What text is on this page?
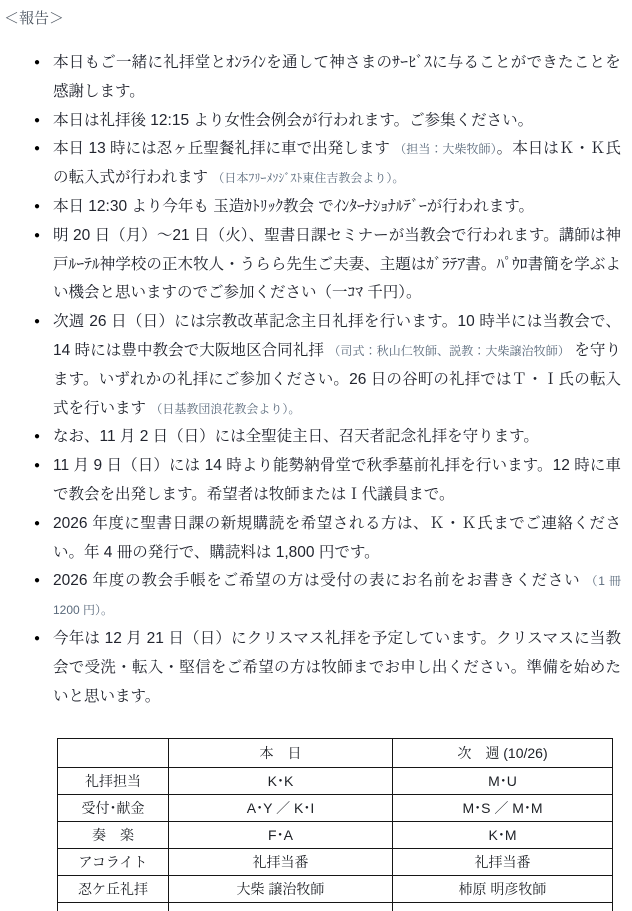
＜報告＞
● 本日もご一緒に礼拝堂とｵﾝﾗｲﾝを通して神さまのｻｰﾋﾞｽに与ることができたことを感謝します。
● 本日は礼拝後 12:15 より女性会例会が行われます。ご参集ください。
● 本日 13 時には忍ヶ丘聖餐礼拝に車で出発します （担当：大柴牧師）。本日はＫ・Ｋ氏の転入式が行われます （日本ﾌﾘｰﾒｿｼﾞｽﾄ東住吉教会より）。
● 本日 12:30 より今年も 玉造ｶﾄﾘｯｸ教会 でｲﾝﾀｰﾅｼｮﾅﾙﾃﾞｰが行われます。
● 明 20 日（月）～21 日（火）、聖書日課セミナーが当教会で行われます。講師は神戸ﾙｰﾃﾙ神学校の正木牧人・うらら先生ご夫妻、主題はｶﾞﾗﾃｱ書。ﾊﾟｳﾛ書簡を学ぶよい機会と思いますのでご参加ください（一ｺﾏ 千円）。
● 次週 26 日（日）には宗教改革記念主日礼拝を行います。10 時半には当教会で、14 時には豊中教会で大阪地区合同礼拝 （司式：秋山仁牧師、説教：大柴譲治牧師） を守ります。いずれかの礼拝にご参加ください。26 日の谷町の礼拝ではＴ・Ｉ氏の転入式を行います （日基教団浪花教会より）。
● なお、11 月 2 日（日）には全聖徒主日、召天者記念礼拝を守ります。
● 11 月 9 日（日）には 14 時より能勢納骨堂で秋季墓前礼拝を行います。12 時に車で教会を出発します。希望者は牧師またはＩ代議員まで。
● 2026 年度に聖書日課の新規購読を希望される方は、Ｋ・Ｋ氏までご連絡ください。年 4 冊の発行で、購読料は 1,800 円です。
● 2026 年度の教会手帳をご希望の方は受付の表にお名前をお書きください （1 冊 1200 円）。
● 今年は 12 月 21 日（日）にクリスマス礼拝を予定しています。クリスマスに当教会で受洗・転入・堅信をご希望の方は牧師までお申し出ください。準備を始めたいと思います。
	本　日	次　週 (10/26)
礼拝担当	K･K	M･U
受付･献金	A･Y ／ K･I	M･S ／ M･M
奏　楽	F･A	K･M
アコライト	礼拝当番	礼拝当番
忍ケ丘礼拝	大柴 譲治牧師	柿原 明彦牧師
